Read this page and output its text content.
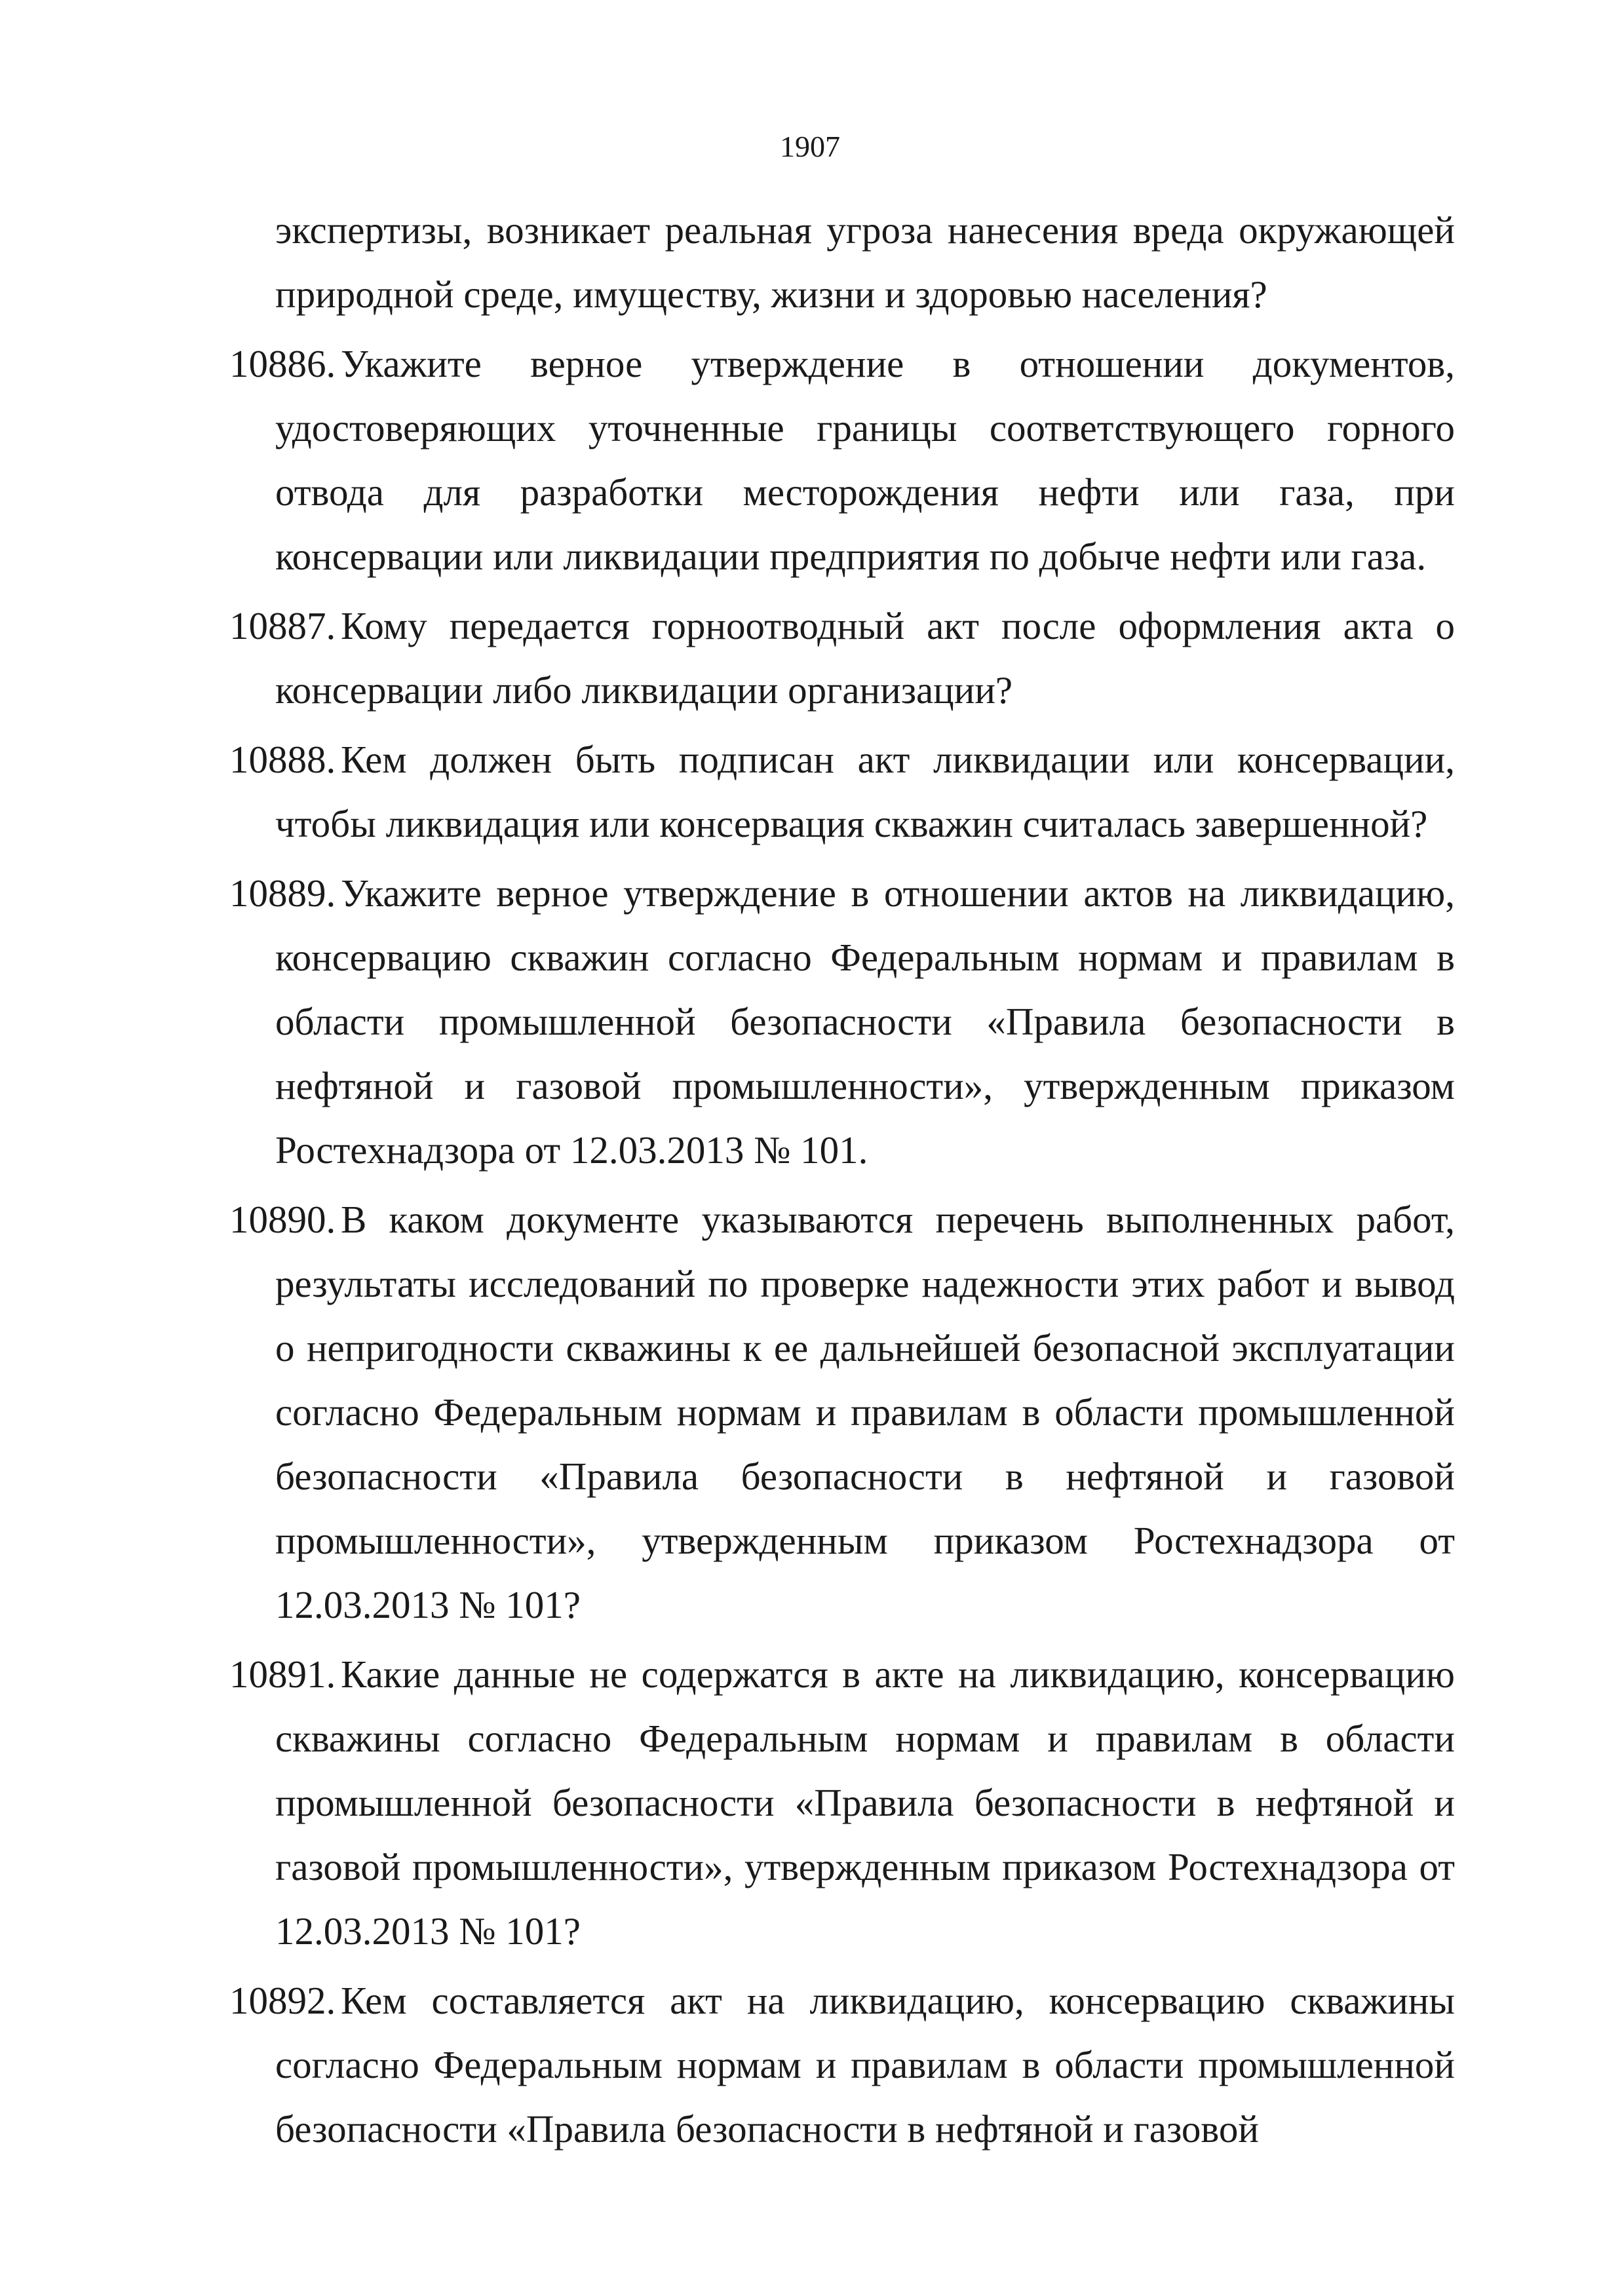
1907

экспертизы, возникает реальная угроза нанесения вреда окружающей природной среде, имуществу, жизни и здоровью населения?

10886. Укажите верное утверждение в отношении документов, удостоверяющих уточненные границы соответствующего горного отвода для разработки месторождения нефти или газа, при консервации или ликвидации предприятия по добыче нефти или газа.

10887. Кому передается горноотводный акт после оформления акта о консервации либо ликвидации организации?

10888. Кем должен быть подписан акт ликвидации или консервации, чтобы ликвидация или консервация скважин считалась завершенной?

10889. Укажите верное утверждение в отношении актов на ликвидацию, консервацию скважин согласно Федеральным нормам и правилам в области промышленной безопасности «Правила безопасности в нефтяной и газовой промышленности», утвержденным приказом Ростехнадзора от 12.03.2013 № 101.

10890. В каком документе указываются перечень выполненных работ, результаты исследований по проверке надежности этих работ и вывод о непригодности скважины к ее дальнейшей безопасной эксплуатации согласно Федеральным нормам и правилам в области промышленной безопасности «Правила безопасности в нефтяной и газовой промышленности», утвержденным приказом Ростехнадзора от 12.03.2013 № 101?

10891. Какие данные не содержатся в акте на ликвидацию, консервацию скважины согласно Федеральным нормам и правилам в области промышленной безопасности «Правила безопасности в нефтяной и газовой промышленности», утвержденным приказом Ростехнадзора от 12.03.2013 № 101?

10892. Кем составляется акт на ликвидацию, консервацию скважины согласно Федеральным нормам и правилам в области промышленной безопасности «Правила безопасности в нефтяной и газовой
